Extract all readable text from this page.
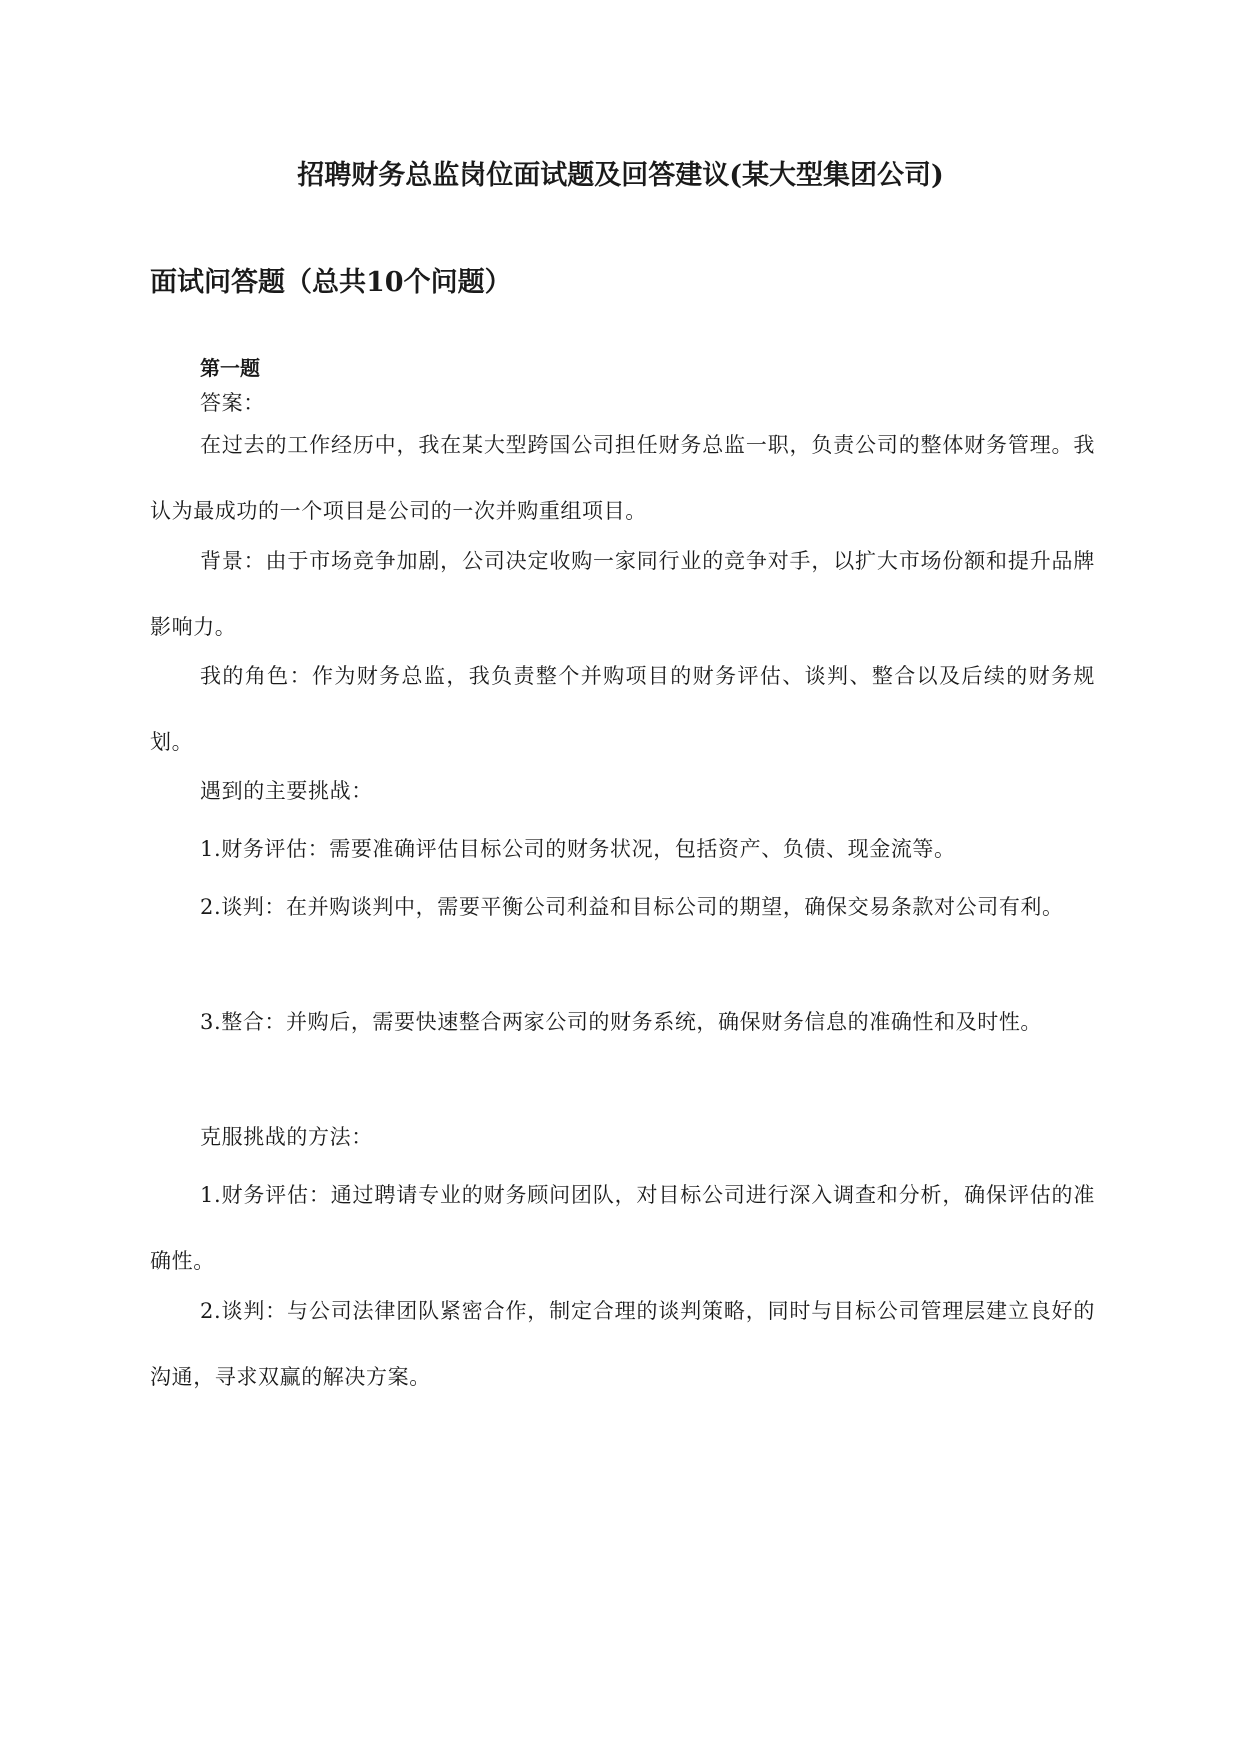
招聘财务总监岗位面试题及回答建议(某大型集团公司)
面试问答题（总共10个问题）
第一题

答案：

在过去的工作经历中，我在某大型跨国公司担任财务总监一职，负责公司的整体财务管理。我认为最成功的一个项目是公司的一次并购重组项目。

背景：由于市场竞争加剧，公司决定收购一家同行业的竞争对手，以扩大市场份额和提升品牌影响力。

我的角色：作为财务总监，我负责整个并购项目的财务评估、谈判、整合以及后续的财务规划。

遇到的主要挑战：

1.财务评估：需要准确评估目标公司的财务状况，包括资产、负债、现金流等。

2.谈判：在并购谈判中，需要平衡公司利益和目标公司的期望，确保交易条款对公司有利。

3.整合：并购后，需要快速整合两家公司的财务系统，确保财务信息的准确性和及时性。

克服挑战的方法：

1.财务评估：通过聘请专业的财务顾问团队，对目标公司进行深入调查和分析，确保评估的准确性。

2.谈判：与公司法律团队紧密合作，制定合理的谈判策略，同时与目标公司管理层建立良好的沟通，寻求双赢的解决方案。
